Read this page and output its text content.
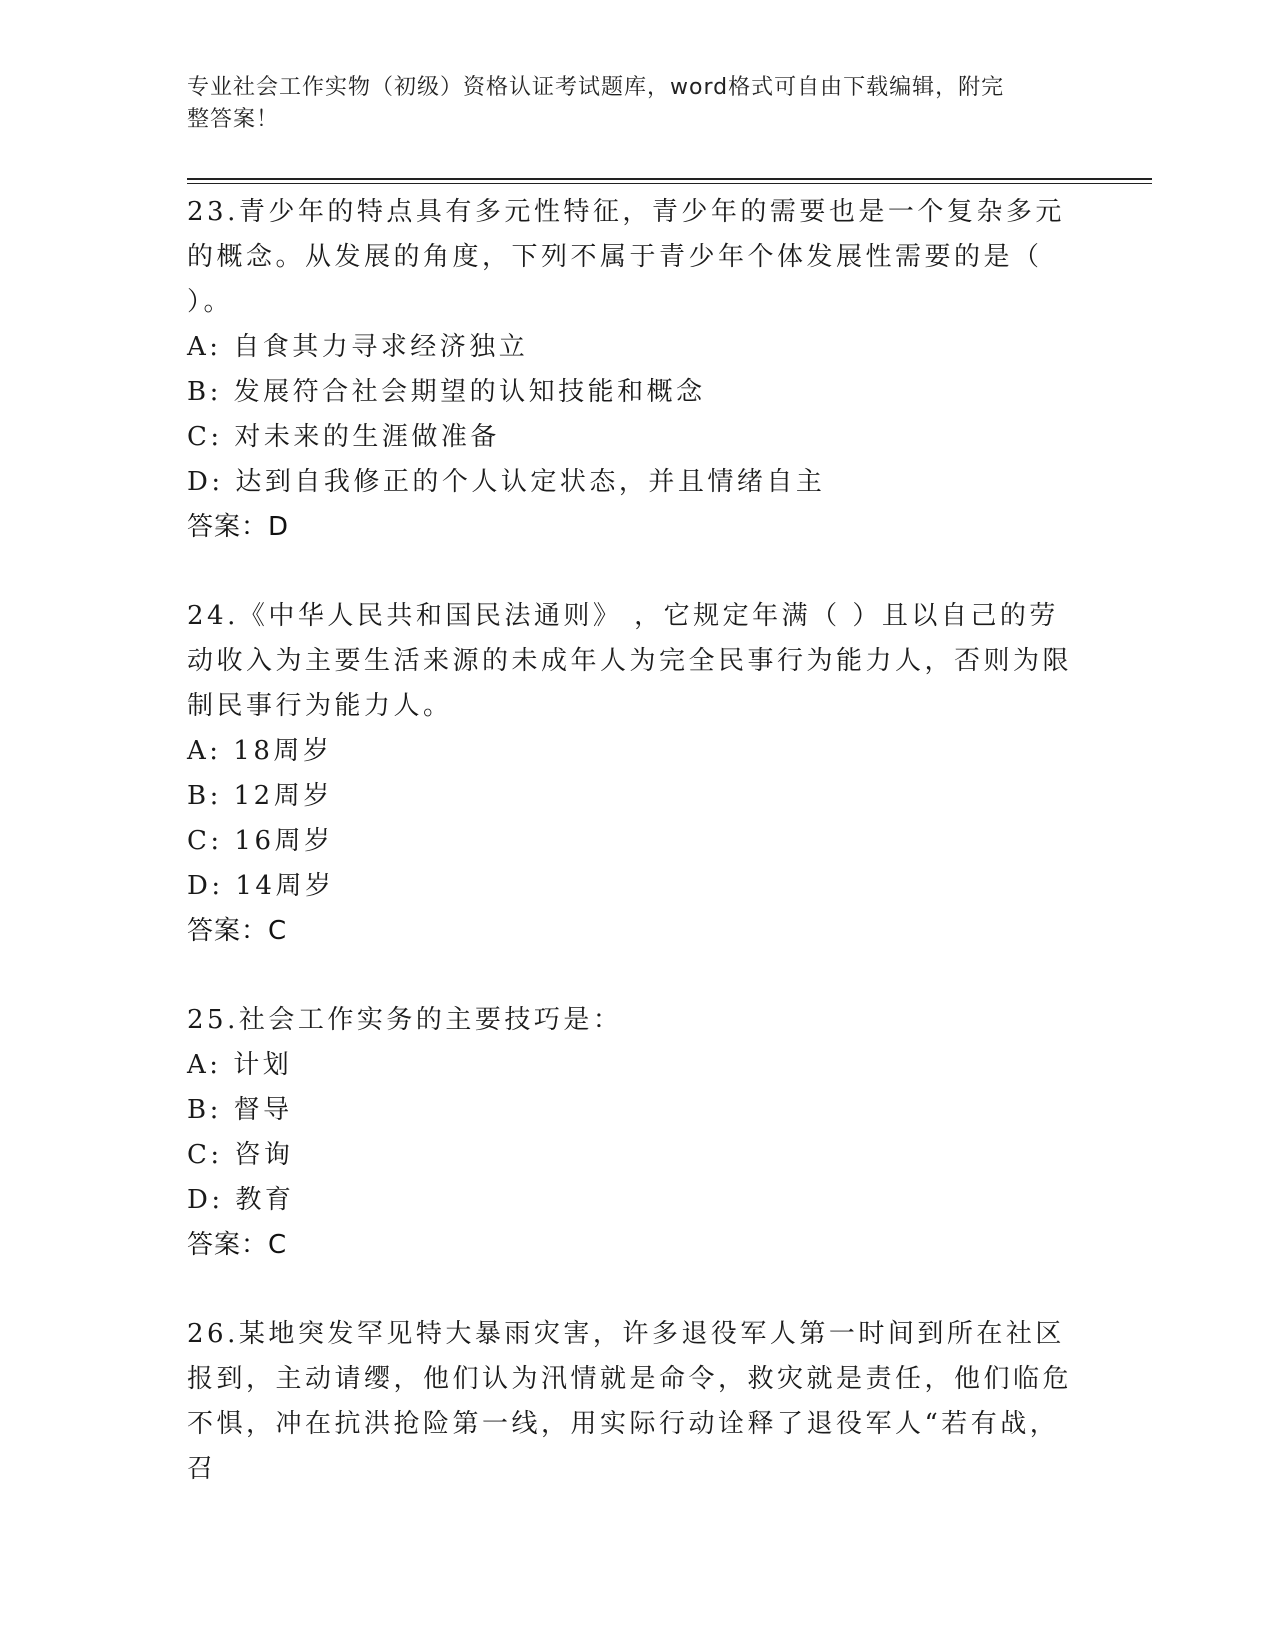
专业社会工作实物（初级）资格认证考试题库，word格式可自由下载编辑，附完
整答案！

23.青少年的特点具有多元性特征，青少年的需要也是一个复杂多元的概念。从发展的角度，下列不属于青少年个体发展性需要的是（ ）。

A: 自食其力寻求经济独立

B: 发展符合社会期望的认知技能和概念

C: 对未来的生涯做准备

D: 达到自我修正的个人认定状态，并且情绪自主

答案：D

24.《中华人民共和国民法通则》 ，它规定年满（ ）且以自己的劳动收入为主要生活来源的未成年人为完全民事行为能力人，否则为限制民事行为能力人。

A: 18周岁

B: 12周岁

C: 16周岁

D: 14周岁

答案：C

25.社会工作实务的主要技巧是：

A: 计划

B: 督导

C: 咨询

D: 教育

答案：C

26.某地突发罕见特大暴雨灾害，许多退役军人第一时间到所在社区报到，主动请缨，他们认为汛情就是命令，救灾就是责任，他们临危不惧，冲在抗洪抢险第一线，用实际行动诠释了退役军人“若有战，召
